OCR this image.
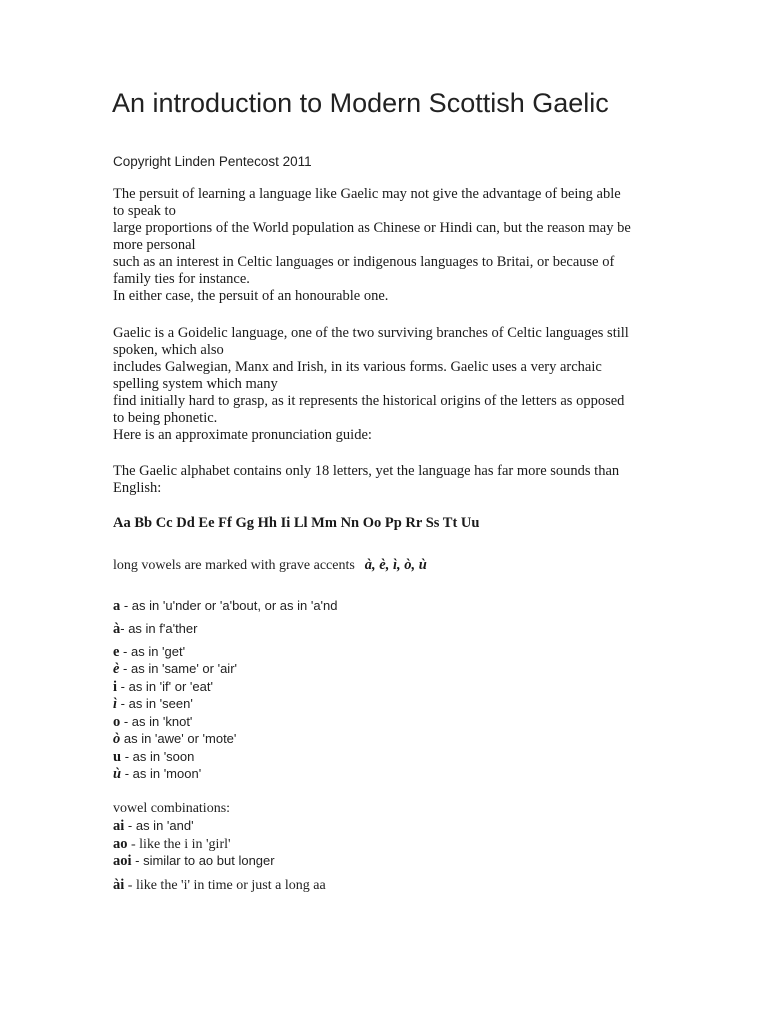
An introduction to Modern Scottish Gaelic
Copyright Linden Pentecost 2011
The persuit of learning a language like Gaelic may not give the advantage of being able
to speak to
large proportions of the World population as Chinese or Hindi can, but the reason may be
more personal
such as an interest in Celtic languages or indigenous languages to Britai, or because of
family ties for instance.
In either case, the persuit of an honourable one.
Gaelic is a Goidelic language, one of the two surviving branches of Celtic languages still
spoken, which also
includes Galwegian, Manx and Irish, in its various forms. Gaelic uses a very archaic
spelling system which many
find initially hard to grasp, as it represents the historical origins of the letters as opposed
to being phonetic.
Here is an approximate pronunciation guide:
The Gaelic alphabet contains only 18 letters, yet the language has far more sounds than
English:
Aa Bb Cc Dd Ee Ff Gg Hh Ii Ll Mm Nn Oo Pp Rr Ss Tt Uu
long vowels are marked with grave accents à, è, ì, ò, ù
a - as in 'u'nder or 'a'bout, or as in 'a'nd
à- as in f'a'ther
e - as in 'get'
è - as in 'same' or 'air'
i - as in 'if' or 'eat'
ì - as in 'seen'
o - as in 'knot'
ò as in 'awe' or 'mote'
u - as in 'soon
ù - as in 'moon'
vowel combinations:
ai - as in 'and'
ao - like the i in 'girl'
aoi - similar to ao but longer
ài - like the 'i' in time or just a long aa
